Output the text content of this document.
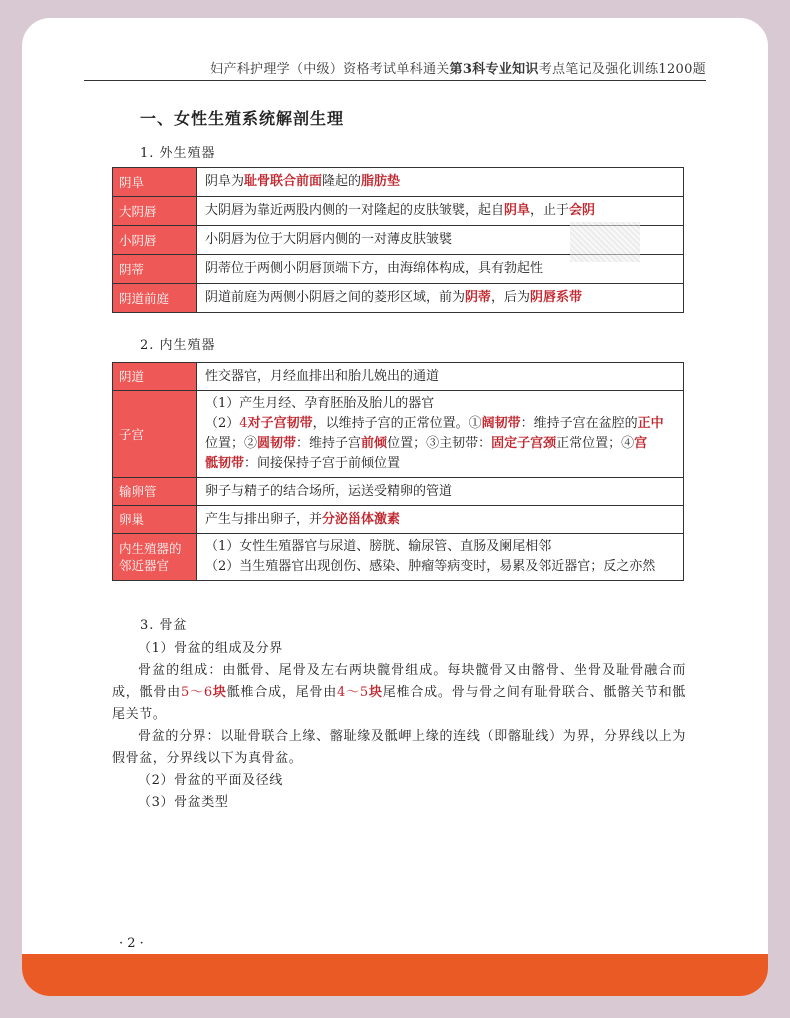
妇产科护理学（中级）资格考试单科通关第3科专业知识考点笔记及强化训练1200题
一、女性生殖系统解剖生理
1. 外生殖器
阴阜	阴阜为耻骨联合前面隆起的脂肪垫
大阴唇	大阴唇为靠近两股内侧的一对隆起的皮肤皱襞，起自阴阜，止于会阴
小阴唇	小阴唇为位于大阴唇内侧的一对薄皮肤皱襞
阴蒂	阴蒂位于两侧小阴唇顶端下方，由海绵体构成，具有勃起性
阴道前庭	阴道前庭为两侧小阴唇之间的菱形区域，前为阴蒂，后为阴唇系带
2. 内生殖器
阴道	性交器官，月经血排出和胎儿娩出的通道

子宫	（1）产生月经、孕育胚胎及胎儿的器官
（2）4对子宫韧带，以维持子宫的正常位置。①阔韧带：维持子宫在盆腔的正中
位置；②圆韧带：维持子宫前倾位置；③主韧带：固定子宫颈正常位置；④宫
骶韧带：间接保持子宫于前倾位置

输卵管	卵子与精子的结合场所，运送受精卵的管道

卵巢	产生与排出卵子，并分泌甾体激素

内生殖器的邻近器官	（1）女性生殖器官与尿道、膀胱、输尿管、直肠及阑尾相邻
（2）当生殖器官出现创伤、感染、肿瘤等病变时，易累及邻近器官；反之亦然
3. 骨盆
（1）骨盆的组成及分界
骨盆的组成：由骶骨、尾骨及左右两块髋骨组成。每块髋骨又由髂骨、坐骨及耻骨融合而成，骶骨由5～6块骶椎合成，尾骨由4～5块尾椎合成。骨与骨之间有耻骨联合、骶髂关节和骶尾关节。
骨盆的分界：以耻骨联合上缘、髂耻缘及骶岬上缘的连线（即髂耻线）为界，分界线以上为假骨盆，分界线以下为真骨盆。
（2）骨盆的平面及径线
（3）骨盆类型
· 2 ·
